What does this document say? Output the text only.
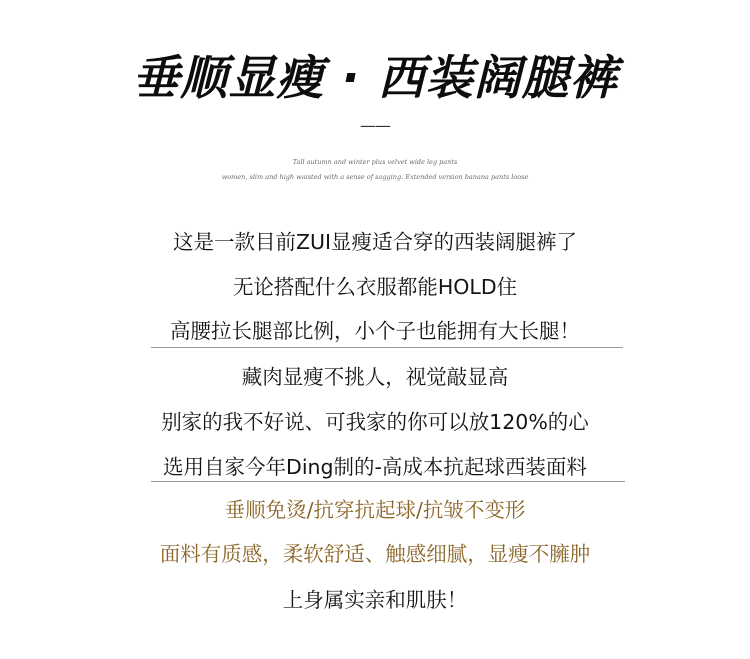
垂顺显瘦 · 西装阔腿裤
——
Tall autumn and winter plus velvet wide leg pants
women, slim and high waisted with a sense of sagging. Extended version banana pants loose
这是一款目前ZUI显瘦适合穿的西装阔腿裤了
无论搭配什么衣服都能HOLD住
高腰拉长腿部比例，小个子也能拥有大长腿！
藏肉显瘦不挑人，视觉敲显高
别家的我不好说、可我家的你可以放120%的心
选用自家今年Ding制的-高成本抗起球西装面料
垂顺免烫/抗穿抗起球/抗皱不变形
面料有质感，柔软舒适、触感细腻，显瘦不臃肿
上身属实亲和肌肤！
